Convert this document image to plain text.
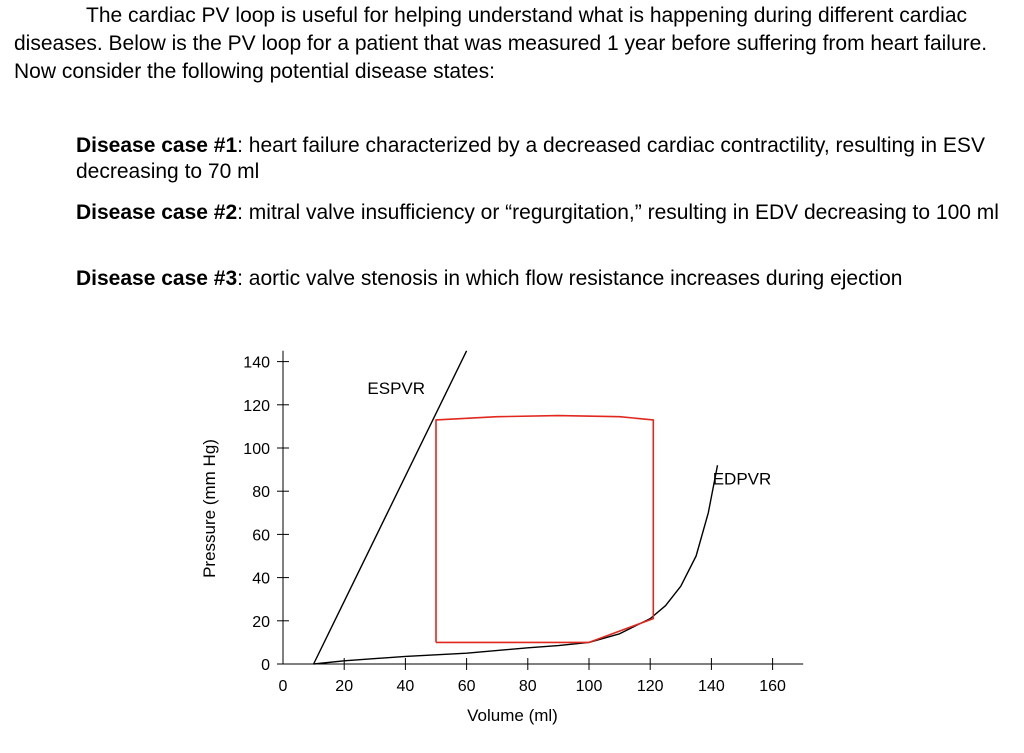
The cardiac PV loop is useful for helping understand what is happening during different cardiac diseases. Below is the PV loop for a patient that was measured 1 year before suffering from heart failure. Now consider the following potential disease states:

Disease case #1: heart failure characterized by a decreased cardiac contractility, resulting in ESV decreasing to 70 ml

Disease case #2: mitral valve insufficiency or “regurgitation,” resulting in EDV decreasing to 100 ml

Disease case #3: aortic valve stenosis in which flow resistance increases during ejection

0	20	40	60	80 100 120 140 160
0
20
40
60
80
100
120
140
Volume (ml)
Pressure (mm Hg)
ESPVR
EDPVR
